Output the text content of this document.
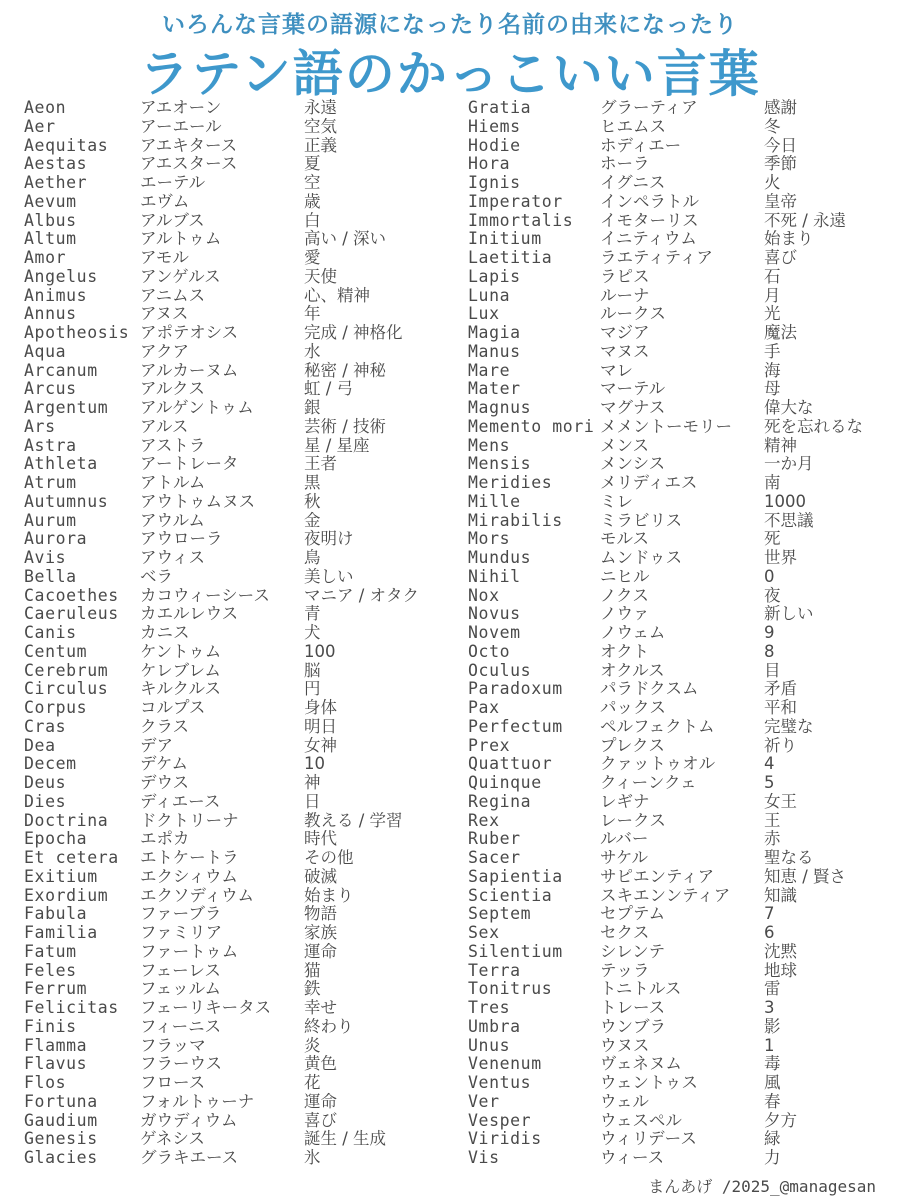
いろんな言葉の語源になったり名前の由来になったり
ラテン語のかっこいい言葉
Aeon
Aer
Aequitas
Aestas
Aether
Aevum
Albus
Altum
Amor
Angelus
Animus
Annus
Apotheosis
Aqua
Arcanum
Arcus
Argentum
Ars
Astra
Athleta
Atrum
Autumnus
Aurum
Aurora
Avis
Bella
Cacoethes
Caeruleus
Canis
Centum
Cerebrum
Circulus
Corpus
Cras
Dea
Decem
Deus
Dies
Doctrina
Epocha
Et cetera
Exitium
Exordium
Fabula
Familia
Fatum
Feles
Ferrum
Felicitas
Finis
Flamma
Flavus
Flos
Fortuna
Gaudium
Genesis
Glacies
アエオーン
アーエール
アエキタース
アエスタース
エーテル
エヴム
アルブス
アルトゥム
アモル
アンゲルス
アニムス
アヌス
アポテオシス
アクア
アルカーヌム
アルクス
アルゲントゥム
アルス
アストラ
アートレータ
アトルム
アウトゥムヌス
アウルム
アウローラ
アウィス
ベラ
カコウィーシース
カエルレウス
カニス
ケントゥム
ケレブレム
キルクルス
コルプス
クラス
デア
デケム
デウス
ディエース
ドクトリーナ
エポカ
エトケートラ
エクシィウム
エクソディウム
ファーブラ
ファミリア
ファートゥム
フェーレス
フェッルム
フェーリキータス
フィーニス
フラッマ
フラーウス
フロース
フォルトゥーナ
ガウディウム
ゲネシス
グラキエース
永遠
空気
正義
夏
空
歳
白
高い / 深い
愛
天使
心、精神
年
完成 / 神格化
水
秘密 / 神秘
虹 / 弓
銀
芸術 / 技術
星 / 星座
王者
黒
秋
金
夜明け
鳥
美しい
マニア / オタク
青
犬
100
脳
円
身体
明日
女神
10
神
日
教える / 学習
時代
その他
破滅
始まり
物語
家族
運命
猫
鉄
幸せ
終わり
炎
黄色
花
運命
喜び
誕生 / 生成
氷
Gratia
Hiems
Hodie
Hora
Ignis
Imperator
Immortalis
Initium
Laetitia
Lapis
Luna
Lux
Magia
Manus
Mare
Mater
Magnus
Memento mori
Mens
Mensis
Meridies
Mille
Mirabilis
Mors
Mundus
Nihil
Nox
Novus
Novem
Octo
Oculus
Paradoxum
Pax
Perfectum
Prex
Quattuor
Quinque
Regina
Rex
Ruber
Sacer
Sapientia
Scientia
Septem
Sex
Silentium
Terra
Tonitrus
Tres
Umbra
Unus
Venenum
Ventus
Ver
Vesper
Viridis
Vis
グラーティア
ヒエムス
ホディエー
ホーラ
イグニス
インペラトル
イモターリス
イニティウム
ラエティティア
ラピス
ルーナ
ルークス
マジア
マヌス
マレ
マーテル
マグナス
メメントーモリー
メンス
メンシス
メリディエス
ミレ
ミラビリス
モルス
ムンドゥス
ニヒル
ノクス
ノウァ
ノウェム
オクト
オクルス
パラドクスム
パックス
ペルフェクトム
プレクス
クァットゥオル
クィーンクェ
レギナ
レークス
ルバー
サケル
サピエンティア
スキエンンティア
セプテム
セクス
シレンテ
テッラ
トニトルス
トレース
ウンブラ
ウヌス
ヴェネヌム
ウェントゥス
ウェル
ウェスペル
ウィリデース
ウィース
感謝
冬
今日
季節
火
皇帝
不死 / 永遠
始まり
喜び
石
月
光
魔法
手
海
母
偉大な
死を忘れるな
精神
一か月
南
1000
不思議
死
世界
0
夜
新しい
9
8
目
矛盾
平和
完璧な
祈り
4
5
女王
王
赤
聖なる
知恵 / 賢さ
知識
7
6
沈黙
地球
雷
3
影
1
毒
風
春
夕方
緑
力
まんあげ /2025_@managesan
